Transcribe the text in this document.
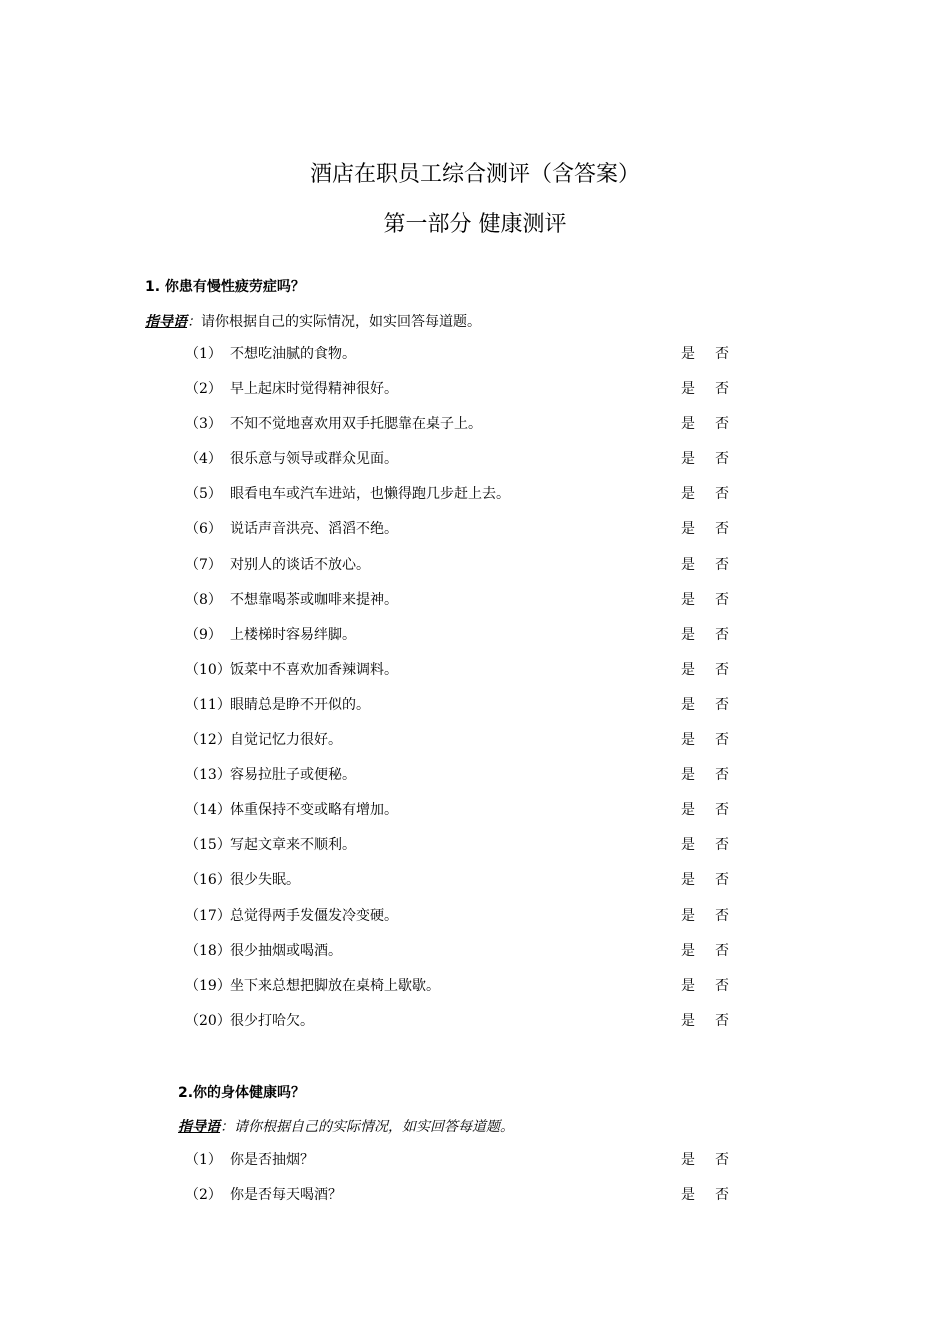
酒店在职员工综合测评（含答案）
第一部分 健康测评
1. 你患有慢性疲劳症吗？
指导语：请你根据自己的实际情况，如实回答每道题。
（1） 不想吃油腻的食物。	是 否
（2） 早上起床时觉得精神很好。	是 否
（3） 不知不觉地喜欢用双手托腮靠在桌子上。	是 否
（4） 很乐意与领导或群众见面。	是 否
（5） 眼看电车或汽车进站，也懒得跑几步赶上去。	是 否
（6） 说话声音洪亮、滔滔不绝。	是 否
（7） 对别人的谈话不放心。	是 否
（8） 不想靠喝茶或咖啡来提神。	是 否
（9） 上楼梯时容易绊脚。	是 否
（10） 饭菜中不喜欢加香辣调料。	是 否
（11） 眼睛总是睁不开似的。	是 否
（12） 自觉记忆力很好。	是 否
（13） 容易拉肚子或便秘。	是 否
（14） 体重保持不变或略有增加。	是 否
（15） 写起文章来不顺利。	是 否
（16） 很少失眠。	是 否
（17） 总觉得两手发僵发冷变硬。	是 否
（18） 很少抽烟或喝酒。	是 否
（19） 坐下来总想把脚放在桌椅上歇歇。	是 否
（20） 很少打哈欠。	是 否
2.你的身体健康吗？
指导语：请你根据自己的实际情况，如实回答每道题。
（1） 你是否抽烟？	是 否
（2） 你是否每天喝酒？	是 否
